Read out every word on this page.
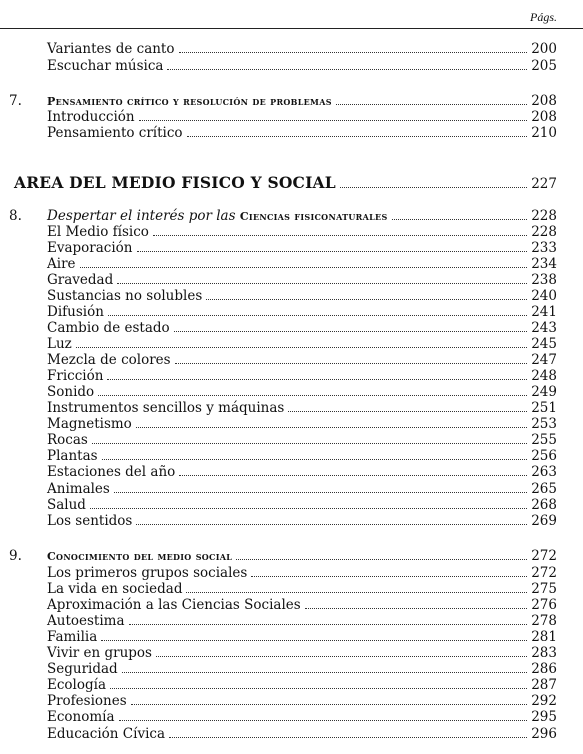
Págs.
Variantes de canto	200
Escuchar música	205
7. Pensamiento crítico y resolución de problemas	208
Introducción	208
Pensamiento crítico	210
AREA DEL MEDIO FISICO Y SOCIAL	227
8. Despertar el interés por las Ciencias fisiconaturales	228
El Medio físico	228
Evaporación	233
Aire	234
Gravedad	238
Sustancias no solubles	240
Difusión	241
Cambio de estado	243
Luz	245
Mezcla de colores	247
Fricción	248
Sonido	249
Instrumentos sencillos y máquinas	251
Magnetismo	253
Rocas	255
Plantas	256
Estaciones del año	263
Animales	265
Salud	268
Los sentidos	269
9. Conocimiento del medio social	272
Los primeros grupos sociales	272
La vida en sociedad	275
Aproximación a las Ciencias Sociales	276
Autoestima	278
Familia	281
Vivir en grupos	283
Seguridad	286
Ecología	287
Profesiones	292
Economía	295
Educación Cívica	296
